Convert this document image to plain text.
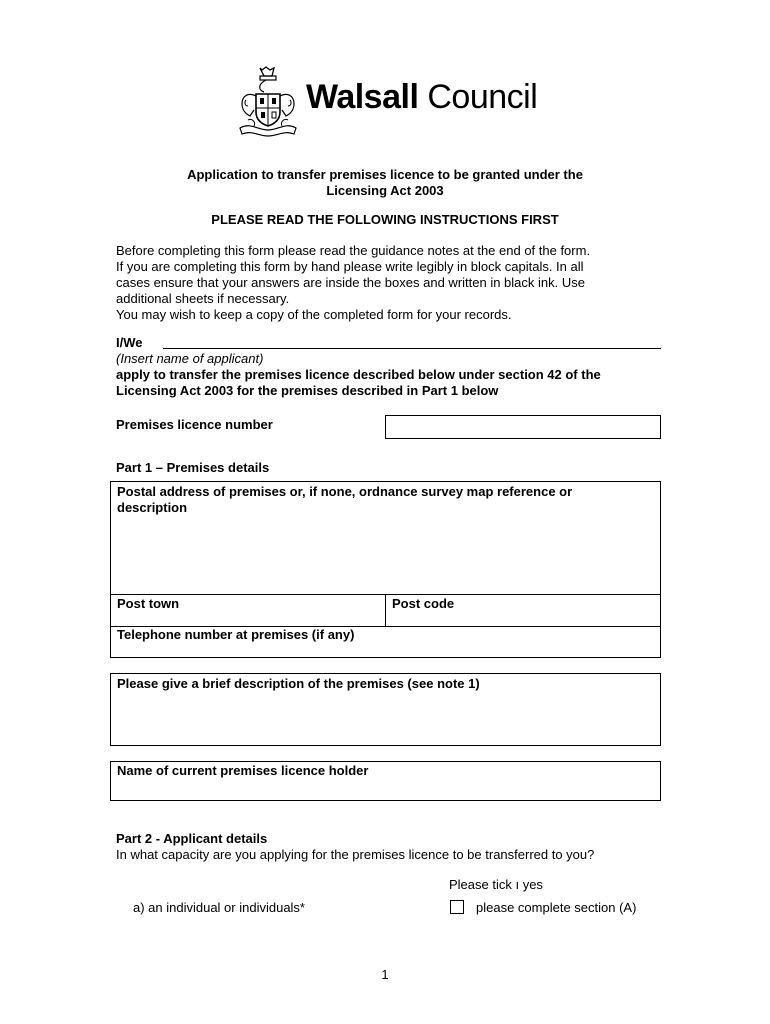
Walsall Council
Application to transfer premises licence to be granted under the
Licensing Act 2003
PLEASE READ THE FOLLOWING INSTRUCTIONS FIRST
Before completing this form please read the guidance notes at the end of the form.
If you are completing this form by hand please write legibly in block capitals. In all
cases ensure that your answers are inside the boxes and written in black ink. Use
additional sheets if necessary.
You may wish to keep a copy of the completed form for your records.
I/We
(Insert name of applicant)
apply to transfer the premises licence described below under section 42 of the
Licensing Act 2003 for the premises described in Part 1 below
Premises licence number
Part 1 – Premises details
Postal address of premises or, if none, ordnance survey map reference or
description
Post town	Post code
Telephone number at premises (if any)
Please give a brief description of the premises (see note 1)
Name of current premises licence holder
Part 2 - Applicant details
In what capacity are you applying for the premises licence to be transferred to you?
Please tick ı yes
a) an individual or individuals*	please complete section (A)
1
